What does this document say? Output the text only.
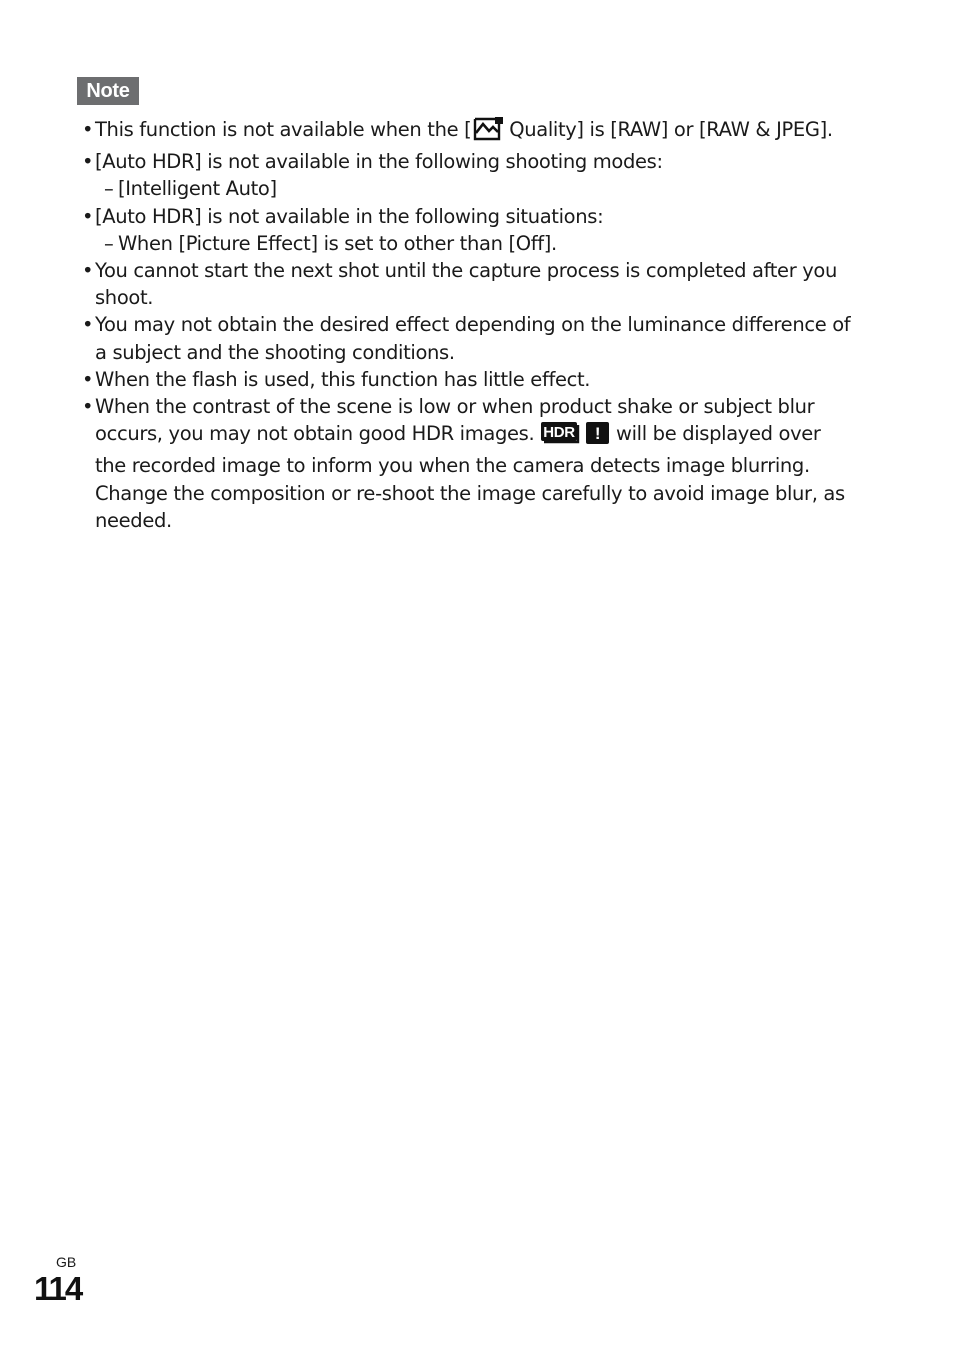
Note
• This function is not available when the [ Quality] is [RAW] or [RAW & JPEG].
• [Auto HDR] is not available in the following shooting modes:
– [Intelligent Auto]
• [Auto HDR] is not available in the following situations:
– When [Picture Effect] is set to other than [Off].
• You cannot start the next shot until the capture process is completed after you shoot.
• You may not obtain the desired effect depending on the luminance difference of a subject and the shooting conditions.
• When the flash is used, this function has little effect.
• When the contrast of the scene is low or when product shake or subject blur occurs, you may not obtain good HDR images. HDR ! will be displayed over the recorded image to inform you when the camera detects image blurring. Change the composition or re-shoot the image carefully to avoid image blur, as needed.
GB
114
